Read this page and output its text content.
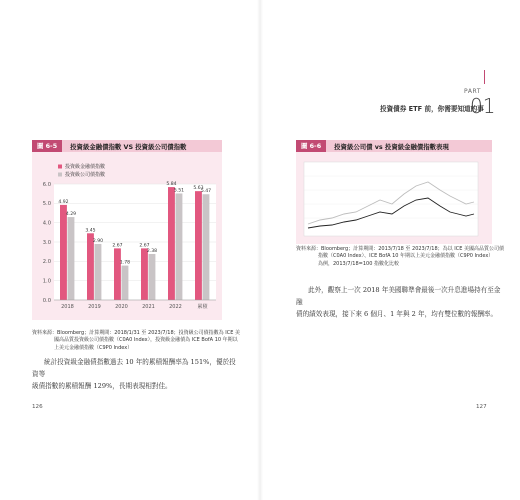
PART
01
投資債券 ETF 前，你需要知道的事
圖 6-5	投資級金融債指數 VS 投資級公司債指數
0.0
1.0
2.0
3.0
4.0
5.0
6.0
投資級金融債指數
投資級公司債指數
4.92
4.29
2018
3.45
2.90
2019
2.67
1.78
2020
2.67
2.38
2021
5.84
5.51
2022
5.63
5.47
累積
資料來源：Bloomberg；計算期間：2018/1/31 至 2023/7/18；投資級公司債指數為 ICE 美
國高品質投資級公司債指數（C0A0 Index），投資級金融債為 ICE BofA 10 年期以
上美元金融債指數（C9P0 Index）
統計投資級金融債指數過去 10 年的累積報酬率為 151%，優於投資等
級債指數的累積報酬 129%，長期表現相對佳。
126
圖 6-6	投資級公司債 vs 投資級金融債指數表現
資料來源：Bloomberg；計算期間：2013/7/18 至 2023/7/18；為以 ICE 美國高品質公司債
指數（C0A0 Index）、ICE BofA 10 年期以上美元金融債指數（C9P0 Index）
為例，2013/7/18=100 指數化比較
此外，觀察上一次 2018 年美國聯準會最後一次升息進場持有至金融
債的績效表現，接下來 6 個月、1 年與 2 年，均有雙位數的報酬率。
127
